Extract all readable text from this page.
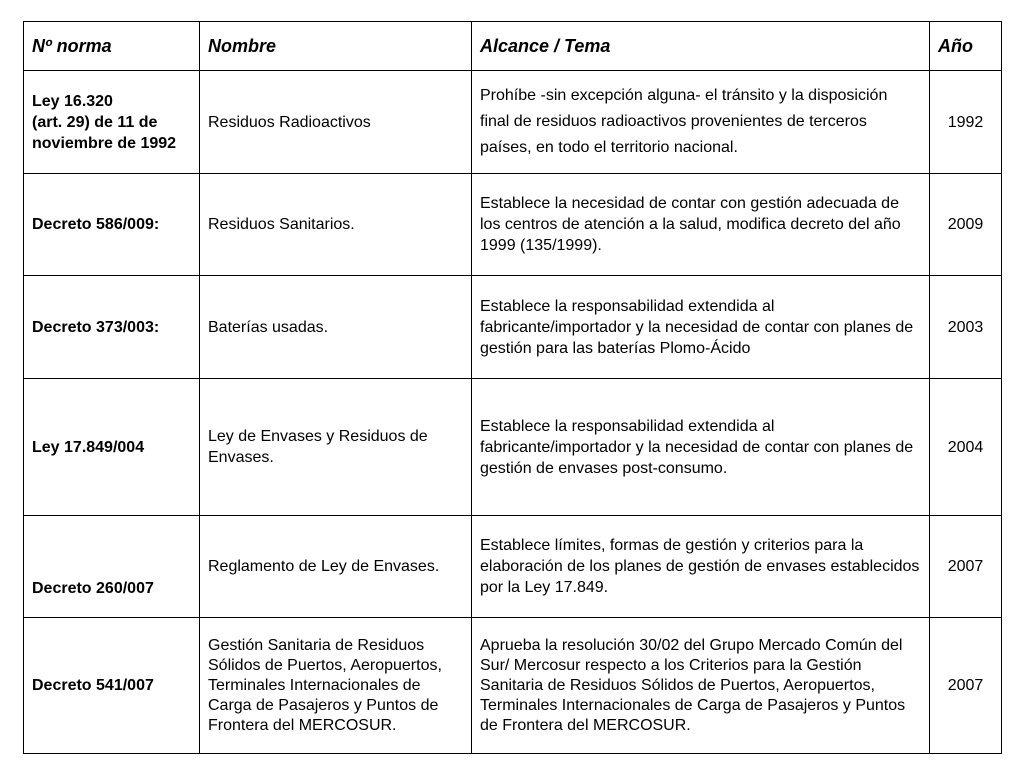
Nº norma	Nombre	Alcance / Tema	Año
Ley 16.320
(art. 29) de 11 de
noviembre de 1992	Residuos Radioactivos	Prohíbe -sin excepción alguna- el tránsito y la disposición final de residuos radioactivos provenientes de terceros países, en todo el territorio nacional.	1992
Decreto 586/009:	Residuos Sanitarios.	Establece la necesidad de contar con gestión adecuada de los centros de atención a la salud, modifica decreto del año 1999 (135/1999).	2009
Decreto 373/003:	Baterías usadas.	Establece la responsabilidad extendida al fabricante/importador y la necesidad de contar con planes de gestión para las baterías Plomo-Ácido	2003
Ley 17.849/004	Ley de Envases y Residuos de Envases.	Establece la responsabilidad extendida al fabricante/importador y la necesidad de contar con planes de gestión de envases post-consumo.	2004
Decreto 260/007	Reglamento de Ley de Envases.	Establece límites, formas de gestión y criterios para la elaboración de los planes de gestión de envases establecidos por la Ley 17.849.	2007
Decreto 541/007	Gestión Sanitaria de Residuos Sólidos de Puertos, Aeropuertos, Terminales Internacionales de Carga de Pasajeros y Puntos de Frontera del MERCOSUR.	Aprueba la resolución 30/02 del Grupo Mercado Común del Sur/ Mercosur respecto a los Criterios para la Gestión Sanitaria de Residuos Sólidos de Puertos, Aeropuertos, Terminales Internacionales de Carga de Pasajeros y Puntos de Frontera del MERCOSUR.	2007
